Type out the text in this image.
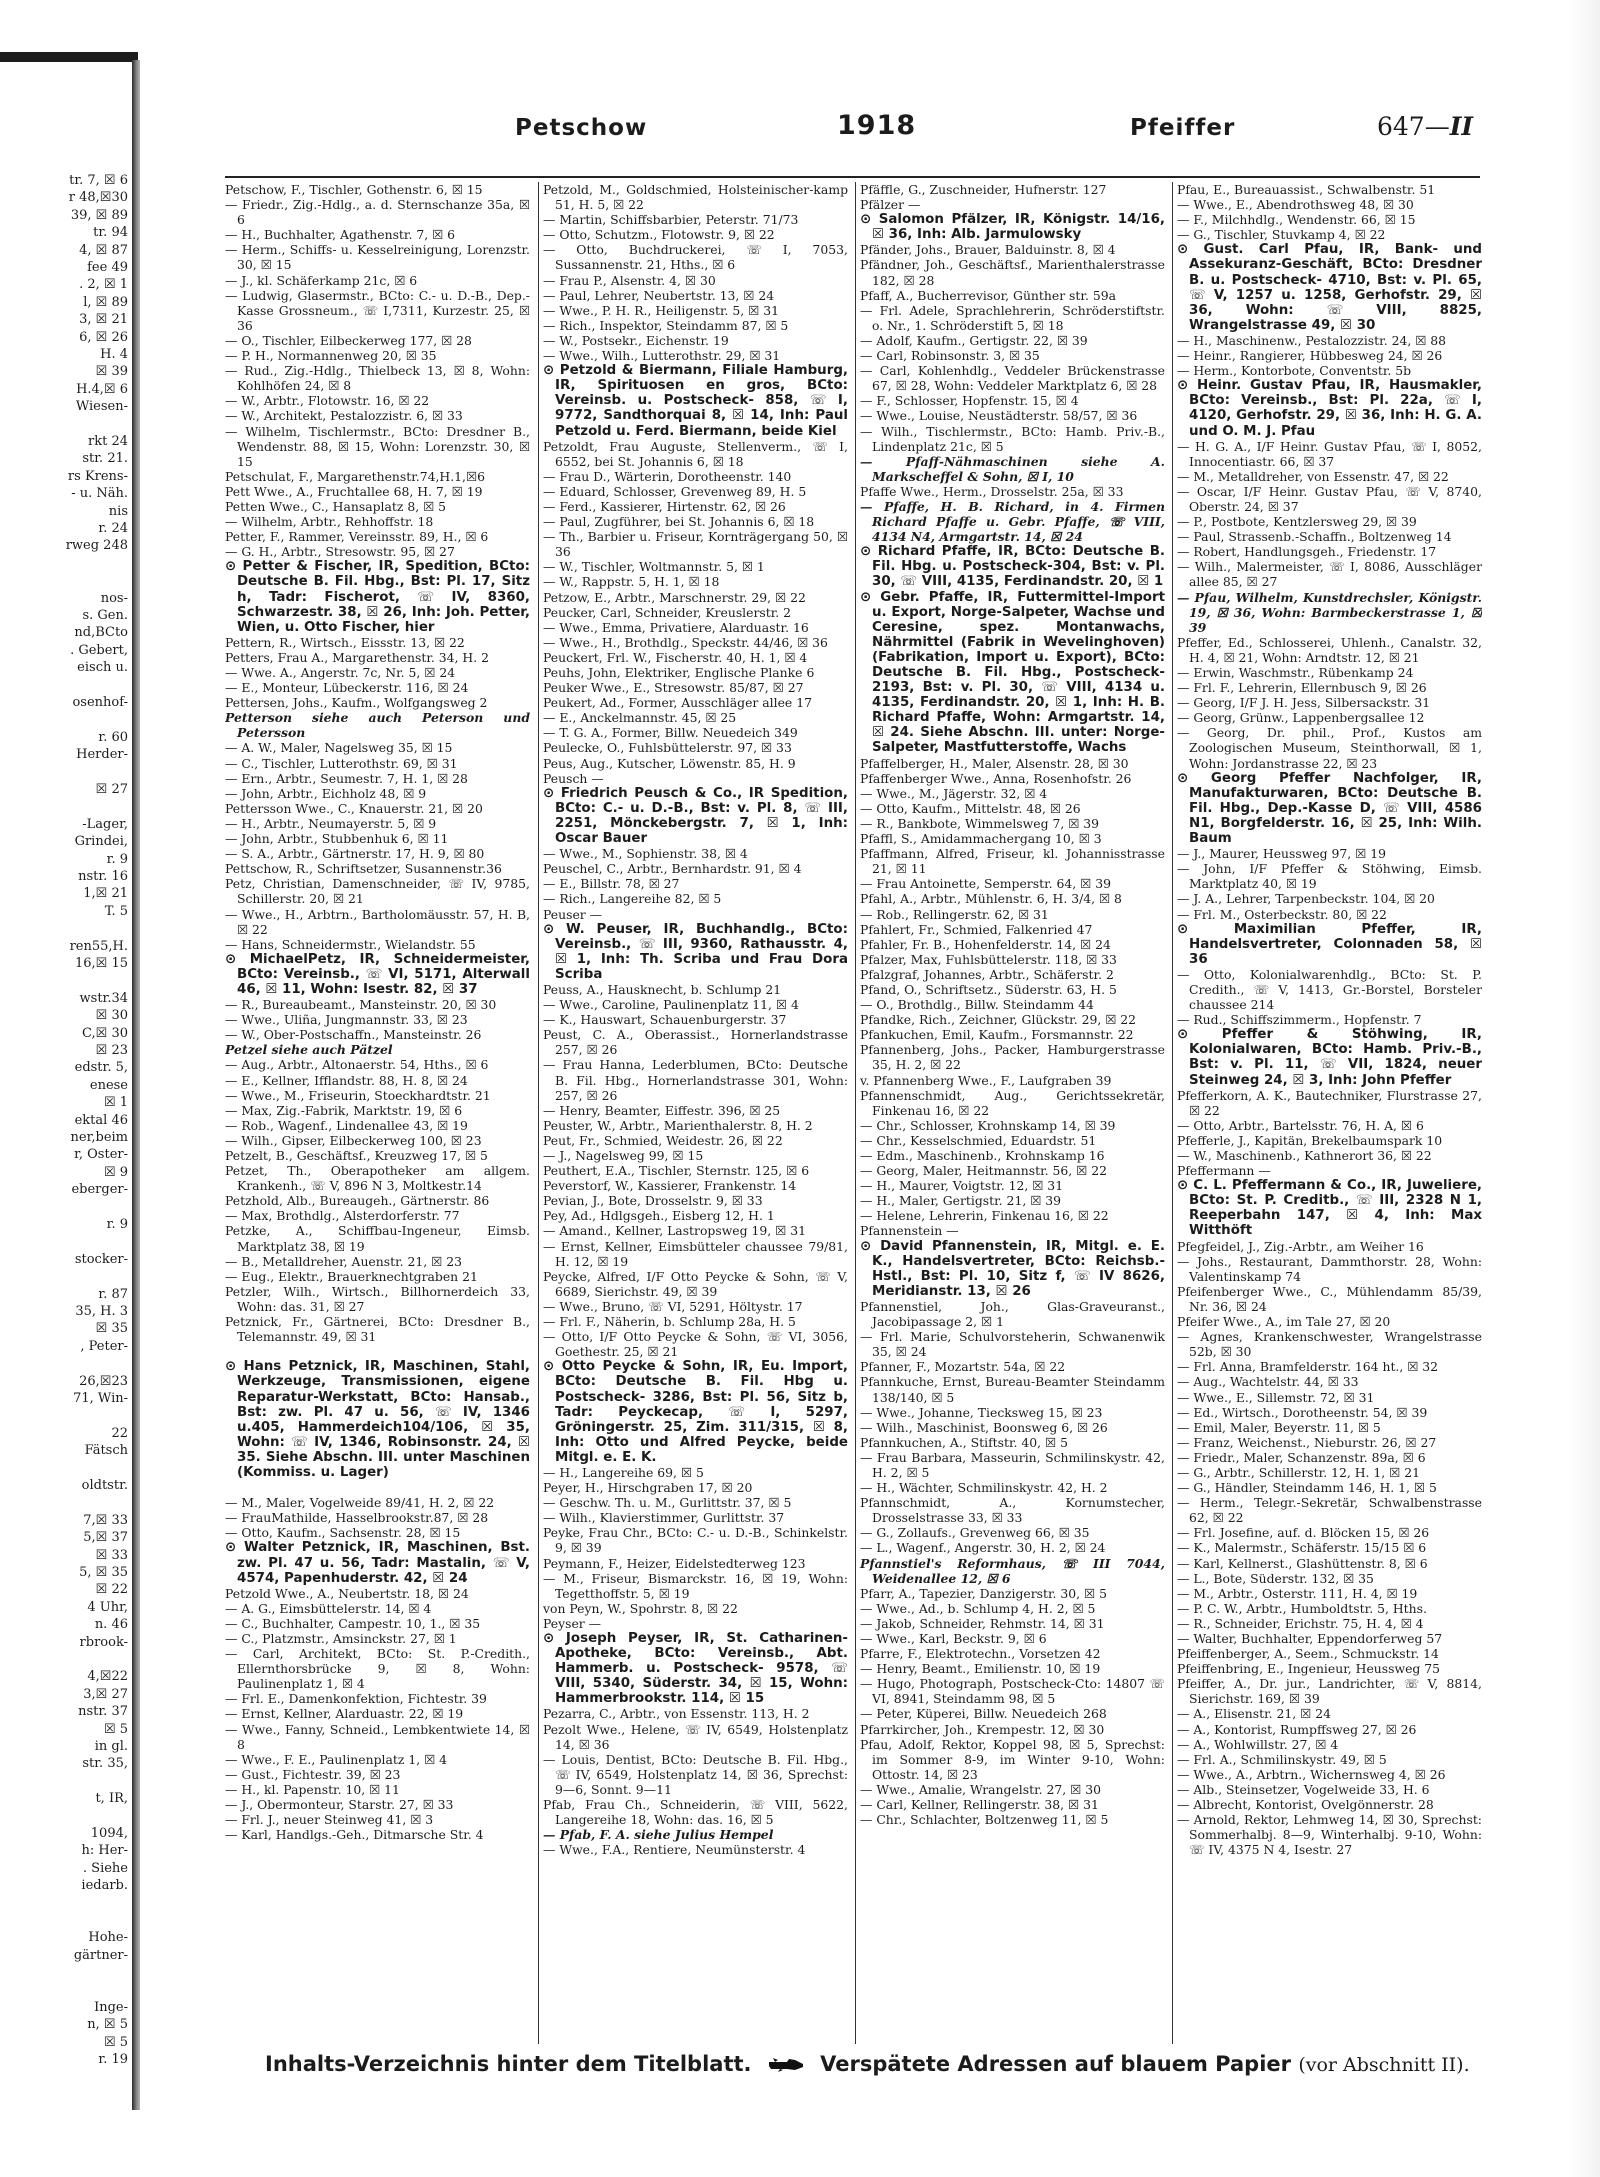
tr. 7, ☒ 6
r 48,☒30
39, ☒ 89
tr. 94
4, ☒ 87
fee 49
. 2, ☒ 1
l, ☒ 89
3, ☒ 21
6, ☒ 26
H. 4
☒ 39
H.4,☒ 6
Wiesen-
rkt 24
str. 21.
rs Krens-
- u. Näh.
nis
r. 24
rweg 248
nos-
s. Gen.
nd,BCto
. Gebert,
eisch u.
osenhof-
r. 60
Herder-
☒ 27
-Lager,
Grindei,
r. 9
nstr. 16
1,☒ 21
T. 5
ren55,H.
16,☒ 15
wstr.34
☒ 30
C,☒ 30
☒ 23
edstr. 5,
enese
☒ 1
ektal 46
ner,beim
r, Oster-
☒ 9
eberger-
r. 9
stocker-
r. 87
35, H. 3
☒ 35
, Peter-
26,☒23
71, Win-
22
Fätsch
oldtstr.
7,☒ 33
5,☒ 37
☒ 33
5, ☒ 35
☒ 22
4 Uhr,
n. 46
rbrook-
4,☒22
3,☒ 27
nstr. 37
☒ 5
in gl.
str. 35,
t, IR,
1094,
h: Her-
. Siehe
iedarb.
Hohe-
gärtner-
Inge-
n, ☒ 5
☒ 5
r. 19
Petschow	1918	Pfeiffer	647—II

Petschow, F., Tischler, Gothenstr. 6, ☒ 15

— Friedr., Zig.-Hdlg., a. d. Sternschanze 35a, ☒ 6

— H., Buchhalter, Agathenstr. 7, ☒ 6

— Herm., Schiffs- u. Kesselreinigung, Lorenzstr. 30, ☒ 15

— J., kl. Schäferkamp 21c, ☒ 6

— Ludwig, Glasermstr., BCto: C.- u. D.-B., Dep.-Kasse Grossneum., ☏ I,7311, Kurzestr. 25, ☒ 36

— O., Tischler, Eilbeckerweg 177, ☒ 28

— P. H., Normannenweg 20, ☒ 35

— Rud., Zig.-Hdlg., Thielbeck 13, ☒ 8, Wohn: Kohlhöfen 24, ☒ 8

— W., Arbtr., Flotowstr. 16, ☒ 22

— W., Architekt, Pestalozzistr. 6, ☒ 33

— Wilhelm, Tischlermstr., BCto: Dresdner B., Wendenstr. 88, ☒ 15, Wohn: Lorenzstr. 30, ☒ 15

Petschulat, F., Margarethenstr.74,H.1,☒6

Pett Wwe., A., Fruchtallee 68, H. 7, ☒ 19

Petten Wwe., C., Hansaplatz 8, ☒ 5

— Wilhelm, Arbtr., Rehhoffstr. 18

Petter, F., Rammer, Vereinsstr. 89, H., ☒ 6

— G. H., Arbtr., Stresowstr. 95, ☒ 27

⊙ Petter & Fischer, IR, Spedition, BCto: Deutsche B. Fil. Hbg., Bst: Pl. 17, Sitz h, Tadr: Fischerot, ☏ IV, 8360, Schwarzestr. 38, ☒ 26, Inh: Joh. Petter, Wien, u. Otto Fischer, hier

Pettern, R., Wirtsch., Eissstr. 13, ☒ 22

Petters, Frau A., Margarethenstr. 34, H. 2

— Wwe. A., Angerstr. 7c, Nr. 5, ☒ 24

— E., Monteur, Lübeckerstr. 116, ☒ 24

Pettersen, Johs., Kaufm., Wolfgangsweg 2

Petterson siehe auch Peterson und Petersson

— A. W., Maler, Nagelsweg 35, ☒ 15

— C., Tischler, Lutterothstr. 69, ☒ 31

— Ern., Arbtr., Seumestr. 7, H. 1, ☒ 28

— John, Arbtr., Eichholz 48, ☒ 9

Pettersson Wwe., C., Knauerstr. 21, ☒ 20

— H., Arbtr., Neumayerstr. 5, ☒ 9

— John, Arbtr., Stubbenhuk 6, ☒ 11

— S. A., Arbtr., Gärtnerstr. 17, H. 9, ☒ 80

Pettschow, R., Schriftsetzer, Susannenstr.36

Petz, Christian, Damenschneider, ☏ IV, 9785, Schillerstr. 20, ☒ 21

— Wwe., H., Arbtrn., Bartholomäusstr. 57, H. B, ☒ 22

— Hans, Schneidermstr., Wielandstr. 55

⊙ MichaelPetz, IR, Schneidermeister, BCto: Vereinsb., ☏ VI, 5171, Alterwall 46, ☒ 11, Wohn: Isestr. 82, ☒ 37

— R., Bureaubeamt., Mansteinstr. 20, ☒ 30

— Wwe., Uliña, Jungmannstr. 33, ☒ 23

— W., Ober-Postschaffn., Mansteinstr. 26

Petzel siehe auch Pätzel

— Aug., Arbtr., Altonaerstr. 54, Hths., ☒ 6

— E., Kellner, Ifflandstr. 88, H. 8, ☒ 24

— Wwe., M., Friseurin, Stoeckhardtstr. 21

— Max, Zig.-Fabrik, Marktstr. 19, ☒ 6

— Rob., Wagenf., Lindenallee 43, ☒ 19

— Wilh., Gipser, Eilbeckerweg 100, ☒ 23

Petzelt, B., Geschäftsf., Kreuzweg 17, ☒ 5

Petzet, Th., Oberapotheker am allgem. Krankenh., ☏ V, 896 N 3, Moltkestr.14

Petzhold, Alb., Bureaugeh., Gärtnerstr. 86

— Max, Brothdlg., Alsterdorferstr. 77

Petzke, A., Schiffbau-Ingeneur, Eimsb. Marktplatz 38, ☒ 19

— B., Metalldreher, Auenstr. 21, ☒ 23

— Eug., Elektr., Brauerknechtgraben 21

Petzler, Wilh., Wirtsch., Billhornerdeich 33, Wohn: das. 31, ☒ 27

Petznick, Fr., Gärtnerei, BCto: Dresdner B., Telemannstr. 49, ☒ 31

⊙ Hans Petznick, IR, Maschinen, Stahl, Werkzeuge, Transmissionen, eigene Reparatur-Werkstatt, BCto: Hansab., Bst: zw. Pl. 47 u. 56, ☏ IV, 1346 u.405, Hammerdeich104/106, ☒ 35, Wohn: ☏ IV, 1346, Robinsonstr. 24, ☒ 35. Siehe Abschn. III. unter Maschinen (Kommiss. u. Lager)

— M., Maler, Vogelweide 89/41, H. 2, ☒ 22

— FrauMathilde, Hasselbrookstr.87, ☒ 28

— Otto, Kaufm., Sachsenstr. 28, ☒ 15

⊙ Walter Petznick, IR, Maschinen, Bst. zw. Pl. 47 u. 56, Tadr: Mastalin, ☏ V, 4574, Papenhuderstr. 42, ☒ 24

Petzold Wwe., A., Neubertstr. 18, ☒ 24

— A. G., Eimsbüttelerstr. 14, ☒ 4

— C., Buchhalter, Campestr. 10, 1., ☒ 35

— C., Platzmstr., Amsinckstr. 27, ☒ 1

— Carl, Architekt, BCto: St. P.-Credith., Ellernthorsbrücke 9, ☒ 8, Wohn: Paulinenplatz 1, ☒ 4

— Frl. E., Damenkonfektion, Fichtestr. 39

— Ernst, Kellner, Alarduastr. 22, ☒ 19

— Wwe., Fanny, Schneid., Lembkentwiete 14, ☒ 8

— Wwe., F. E., Paulinenplatz 1, ☒ 4

— Gust., Fichtestr. 39, ☒ 23

— H., kl. Papenstr. 10, ☒ 11

— J., Obermonteur, Starstr. 27, ☒ 33

— Frl. J., neuer Steinweg 41, ☒ 3

— Karl, Handlgs.-Geh., Ditmarsche Str. 4

Petzold, M., Goldschmied, Holsteinischer-kamp 51, H. 5, ☒ 22

— Martin, Schiffsbarbier, Peterstr. 71/73

— Otto, Schutzm., Flotowstr. 9, ☒ 22

— Otto, Buchdruckerei, ☏ I, 7053, Sussannenstr. 21, Hths., ☒ 6

— Frau P., Alsenstr. 4, ☒ 30

— Paul, Lehrer, Neubertstr. 13, ☒ 24

— Wwe., P. H. R., Heiligenstr. 5, ☒ 31

— Rich., Inspektor, Steindamm 87, ☒ 5

— W., Postsekr., Eichenstr. 19

— Wwe., Wilh., Lutterothstr. 29, ☒ 31

⊙ Petzold & Biermann, Filiale Hamburg, IR, Spirituosen en gros, BCto: Vereinsb. u. Postscheck- 858, ☏ I, 9772, Sandthorquai 8, ☒ 14, Inh: Paul Petzold u. Ferd. Biermann, beide Kiel

Petzoldt, Frau Auguste, Stellenverm., ☏ I, 6552, bei St. Johannis 6, ☒ 18

— Frau D., Wärterin, Dorotheenstr. 140

— Eduard, Schlosser, Grevenweg 89, H. 5

— Ferd., Kassierer, Hirtenstr. 62, ☒ 26

— Paul, Zugführer, bei St. Johannis 6, ☒ 18

— Th., Barbier u. Friseur, Kornträgergang 50, ☒ 36

— W., Tischler, Woltmannstr. 5, ☒ 1

— W., Rappstr. 5, H. 1, ☒ 18

Petzow, E., Arbtr., Marschnerstr. 29, ☒ 22

Peucker, Carl, Schneider, Kreuslerstr. 2

— Wwe., Emma, Privatiere, Alarduastr. 16

— Wwe., H., Brothdlg., Speckstr. 44/46, ☒ 36

Peuckert, Frl. W., Fischerstr. 40, H. 1, ☒ 4

Peuhs, John, Elektriker, Englische Planke 6

Peuker Wwe., E., Stresowstr. 85/87, ☒ 27

Peukert, Ad., Former, Ausschläger allee 17

— E., Anckelmannstr. 45, ☒ 25

— T. G. A., Former, Billw. Neuedeich 349

Peulecke, O., Fuhlsbüttelerstr. 97, ☒ 33

Peus, Aug., Kutscher, Löwenstr. 85, H. 9

Peusch —

⊙ Friedrich Peusch & Co., IR Spedition, BCto: C.- u. D.-B., Bst: v. Pl. 8, ☏ III, 2251, Mönckebergstr. 7, ☒ 1, Inh: Oscar Bauer

— Wwe., M., Sophienstr. 38, ☒ 4

Peuschel, C., Arbtr., Bernhardstr. 91, ☒ 4

— E., Billstr. 78, ☒ 27

— Rich., Langereihe 82, ☒ 5

Peuser —

⊙ W. Peuser, IR, Buchhandlg., BCto: Vereinsb., ☏ III, 9360, Rathausstr. 4, ☒ 1, Inh: Th. Scriba und Frau Dora Scriba

Peuss, A., Hausknecht, b. Schlump 21

— Wwe., Caroline, Paulinenplatz 11, ☒ 4

— K., Hauswart, Schauenburgerstr. 37

Peust, C. A., Oberassist., Hornerlandstrasse 257, ☒ 26

— Frau Hanna, Lederblumen, BCto: Deutsche B. Fil. Hbg., Hornerlandstrasse 301, Wohn: 257, ☒ 26

— Henry, Beamter, Eiffestr. 396, ☒ 25

Peuster, W., Arbtr., Marienthalerstr. 8, H. 2

Peut, Fr., Schmied, Weidestr. 26, ☒ 22

— J., Nagelsweg 99, ☒ 15

Peuthert, E.A., Tischler, Sternstr. 125, ☒ 6

Peverstorf, W., Kassierer, Frankenstr. 14

Pevian, J., Bote, Drosselstr. 9, ☒ 33

Pey, Ad., Hdlgsgeh., Eisberg 12, H. 1

— Amand., Kellner, Lastropsweg 19, ☒ 31

— Ernst, Kellner, Eimsbütteler chaussee 79/81, H. 12, ☒ 19

Peycke, Alfred, I/F Otto Peycke & Sohn, ☏ V, 6689, Sierichstr. 49, ☒ 39

— Wwe., Bruno, ☏ VI, 5291, Höltystr. 17

— Frl. F., Näherin, b. Schlump 28a, H. 5

— Otto, I/F Otto Peycke & Sohn, ☏ VI, 3056, Goethestr. 25, ☒ 21

⊙ Otto Peycke & Sohn, IR, Eu. Import, BCto: Deutsche B. Fil. Hbg u. Postscheck- 3286, Bst: Pl. 56, Sitz b, Tadr: Peyckecap, ☏ I, 5297, Gröningerstr. 25, Zim. 311/315, ☒ 8, Inh: Otto und Alfred Peycke, beide Mitgl. e. E. K.

— H., Langereihe 69, ☒ 5

Peyer, H., Hirschgraben 17, ☒ 20

— Geschw. Th. u. M., Gurlittstr. 37, ☒ 5

— Wilh., Klavierstimmer, Gurlittstr. 37

Peyke, Frau Chr., BCto: C.- u. D.-B., Schinkelstr. 9, ☒ 39

Peymann, F., Heizer, Eidelstedterweg 123

— M., Friseur, Bismarckstr. 16, ☒ 19, Wohn: Tegetthoffstr. 5, ☒ 19

von Peyn, W., Spohrstr. 8, ☒ 22

Peyser —

⊙ Joseph Peyser, IR, St. Catharinen-Apotheke, BCto: Vereinsb., Abt. Hammerb. u. Postscheck- 9578, ☏ VIII, 5340, Süderstr. 34, ☒ 15, Wohn: Hammerbrookstr. 114, ☒ 15

Pezarra, C., Arbtr., von Essenstr. 113, H. 2

Pezolt Wwe., Helene, ☏ IV, 6549, Holstenplatz 14, ☒ 36

— Louis, Dentist, BCto: Deutsche B. Fil. Hbg., ☏ IV, 6549, Holstenplatz 14, ☒ 36, Sprechst: 9—6, Sonnt. 9—11

Pfab, Frau Ch., Schneiderin, ☏ VIII, 5622, Langereihe 18, Wohn: das. 16, ☒ 5

— Pfab, F. A. siehe Julius Hempel

— Wwe., F.A., Rentiere, Neumünsterstr. 4

Pfäffle, G., Zuschneider, Hufnerstr. 127

Pfälzer —

⊙ Salomon Pfälzer, IR, Königstr. 14/16, ☒ 36, Inh: Alb. Jarmulowsky

Pfänder, Johs., Brauer, Balduinstr. 8, ☒ 4

Pfändner, Joh., Geschäftsf., Marienthalerstrasse 182, ☒ 28

Pfaff, A., Bucherrevisor, Günther str. 59a

— Frl. Adele, Sprachlehrerin, Schröderstiftstr. o. Nr., 1. Schröderstift 5, ☒ 18

— Adolf, Kaufm., Gertigstr. 22, ☒ 39

— Carl, Robinsonstr. 3, ☒ 35

— Carl, Kohlenhdlg., Veddeler Brückenstrasse 67, ☒ 28, Wohn: Veddeler Marktplatz 6, ☒ 28

— F., Schlosser, Hopfenstr. 15, ☒ 4

— Wwe., Louise, Neustädterstr. 58/57, ☒ 36

— Wilh., Tischlermstr., BCto: Hamb. Priv.-B., Lindenplatz 21c, ☒ 5

— Pfaff-Nähmaschinen siehe A. Markscheffel & Sohn, ☒ I, 10

Pfaffe Wwe., Herm., Drosselstr. 25a, ☒ 33

— Pfaffe, H. B. Richard, in 4. Firmen Richard Pfaffe u. Gebr. Pfaffe, ☏ VIII, 4134 N4, Armgartstr. 14, ☒ 24

⊙ Richard Pfaffe, IR, BCto: Deutsche B. Fil. Hbg. u. Postscheck-304, Bst: v. Pl. 30, ☏ VIII, 4135, Ferdinandstr. 20, ☒ 1

⊙ Gebr. Pfaffe, IR, Futtermittel-Import u. Export, Norge-Salpeter, Wachse und Ceresine, spez. Montanwachs, Nährmittel (Fabrik in Wevelinghoven) (Fabrikation, Import u. Export), BCto: Deutsche B. Fil. Hbg., Postscheck-2193, Bst: v. Pl. 30, ☏ VIII, 4134 u. 4135, Ferdinandstr. 20, ☒ 1, Inh: H. B. Richard Pfaffe, Wohn: Armgartstr. 14, ☒ 24. Siehe Abschn. III. unter: Norge-Salpeter, Mastfutterstoffe, Wachs

Pfaffelberger, H., Maler, Alsenstr. 28, ☒ 30

Pfaffenberger Wwe., Anna, Rosenhofstr. 26

— Wwe., M., Jägerstr. 32, ☒ 4

— Otto, Kaufm., Mittelstr. 48, ☒ 26

— R., Bankbote, Wimmelsweg 7, ☒ 39

Pfaffl, S., Amidammachergang 10, ☒ 3

Pfaffmann, Alfred, Friseur, kl. Johannisstrasse 21, ☒ 11

— Frau Antoinette, Semperstr. 64, ☒ 39

Pfahl, A., Arbtr., Mühlenstr. 6, H. 3/4, ☒ 8

— Rob., Rellingerstr. 62, ☒ 31

Pfahlert, Fr., Schmied, Falkenried 47

Pfahler, Fr. B., Hohenfelderstr. 14, ☒ 24

Pfalzer, Max, Fuhlsbüttelerstr. 118, ☒ 33

Pfalzgraf, Johannes, Arbtr., Schäferstr. 2

Pfand, O., Schriftsetz., Süderstr. 63, H. 5

— O., Brothdlg., Billw. Steindamm 44

Pfandke, Rich., Zeichner, Glückstr. 29, ☒ 22

Pfankuchen, Emil, Kaufm., Forsmannstr. 22

Pfannenberg, Johs., Packer, Hamburgerstrasse 35, H. 2, ☒ 22

v. Pfannenberg Wwe., F., Laufgraben 39

Pfannenschmidt, Aug., Gerichtssekretär, Finkenau 16, ☒ 22

— Chr., Schlosser, Krohnskamp 14, ☒ 39

— Chr., Kesselschmied, Eduardstr. 51

— Edm., Maschinenb., Krohnskamp 16

— Georg, Maler, Heitmannstr. 56, ☒ 22

— H., Maurer, Voigtstr. 12, ☒ 31

— H., Maler, Gertigstr. 21, ☒ 39

— Helene, Lehrerin, Finkenau 16, ☒ 22

Pfannenstein —

⊙ David Pfannenstein, IR, Mitgl. e. E. K., Handelsvertreter, BCto: Reichsb.-Hstl., Bst: Pl. 10, Sitz f, ☏ IV 8626, Meridianstr. 13, ☒ 26

Pfannenstiel, Joh., Glas-Graveuranst., Jacobipassage 2, ☒ 1

— Frl. Marie, Schulvorsteherin, Schwanenwik 35, ☒ 24

Pfanner, F., Mozartstr. 54a, ☒ 22

Pfannkuche, Ernst, Bureau-Beamter Steindamm 138/140, ☒ 5

— Wwe., Johanne, Tiecksweg 15, ☒ 23

— Wilh., Maschinist, Boonsweg 6, ☒ 26

Pfannkuchen, A., Stiftstr. 40, ☒ 5

— Frau Barbara, Masseurin, Schmilinskystr. 42, H. 2, ☒ 5

— H., Wächter, Schmilinskystr. 42, H. 2

Pfannschmidt, A., Kornumstecher, Drosselstrasse 33, ☒ 33

— G., Zollaufs., Grevenweg 66, ☒ 35

— L., Wagenf., Angerstr. 30, H. 2, ☒ 24

Pfannstiel's Reformhaus, ☏ III 7044, Weidenallee 12, ☒ 6

Pfarr, A., Tapezier, Danzigerstr. 30, ☒ 5

— Wwe., Ad., b. Schlump 4, H. 2, ☒ 5

— Jakob, Schneider, Rehmstr. 14, ☒ 31

— Wwe., Karl, Beckstr. 9, ☒ 6

Pfarre, F., Elektrotechn., Vorsetzen 42

— Henry, Beamt., Emilienstr. 10, ☒ 19

— Hugo, Photograph, Postscheck-Cto: 14807 ☏ VI, 8941, Steindamm 98, ☒ 5

— Peter, Küperei, Billw. Neuedeich 268

Pfarrkircher, Joh., Krempestr. 12, ☒ 30

Pfau, Adolf, Rektor, Koppel 98, ☒ 5, Sprechst: im Sommer 8-9, im Winter 9-10, Wohn: Ottostr. 14, ☒ 23

— Wwe., Amalie, Wrangelstr. 27, ☒ 30

— Carl, Kellner, Rellingerstr. 38, ☒ 31

— Chr., Schlachter, Boltzenweg 11, ☒ 5

Pfau, E., Bureauassist., Schwalbenstr. 51

— Wwe., E., Abendrothsweg 48, ☒ 30

— F., Milchhdlg., Wendenstr. 66, ☒ 15

— G., Tischler, Stuvkamp 4, ☒ 22

⊙ Gust. Carl Pfau, IR, Bank- und Assekuranz-Geschäft, BCto: Dresdner B. u. Postscheck- 4710, Bst: v. Pl. 65, ☏ V, 1257 u. 1258, Gerhofstr. 29, ☒ 36, Wohn: ☏ VIII, 8825, Wrangelstrasse 49, ☒ 30

— H., Maschinenw., Pestalozzistr. 24, ☒ 88

— Heinr., Rangierer, Hübbesweg 24, ☒ 26

— Herm., Kontorbote, Conventstr. 5b

⊙ Heinr. Gustav Pfau, IR, Hausmakler, BCto: Vereinsb., Bst: Pl. 22a, ☏ I, 4120, Gerhofstr. 29, ☒ 36, Inh: H. G. A. und O. M. J. Pfau

— H. G. A., I/F Heinr. Gustav Pfau, ☏ I, 8052, Innocentiastr. 66, ☒ 37

— M., Metalldreher, von Essenstr. 47, ☒ 22

— Oscar, I/F Heinr. Gustav Pfau, ☏ V, 8740, Oberstr. 24, ☒ 37

— P., Postbote, Kentzlersweg 29, ☒ 39

— Paul, Strassenb.-Schaffn., Boltzenweg 14

— Robert, Handlungsgeh., Friedenstr. 17

— Wilh., Malermeister, ☏ I, 8086, Ausschläger allee 85, ☒ 27

— Pfau, Wilhelm, Kunstdrechsler, Königstr. 19, ☒ 36, Wohn: Barmbeckerstrasse 1, ☒ 39

Pfeffer, Ed., Schlosserei, Uhlenh., Canalstr. 32, H. 4, ☒ 21, Wohn: Arndtstr. 12, ☒ 21

— Erwin, Waschmstr., Rübenkamp 24

— Frl. F., Lehrerin, Ellernbusch 9, ☒ 26

— Georg, I/F J. H. Jess, Silbersackstr. 31

— Georg, Grünw., Lappenbergsallee 12

— Georg, Dr. phil., Prof., Kustos am Zoologischen Museum, Steinthorwall, ☒ 1, Wohn: Jordanstrasse 22, ☒ 23

⊙ Georg Pfeffer Nachfolger, IR, Manufakturwaren, BCto: Deutsche B. Fil. Hbg., Dep.-Kasse D, ☏ VIII, 4586 N1, Borgfelderstr. 16, ☒ 25, Inh: Wilh. Baum

— J., Maurer, Heussweg 97, ☒ 19

— John, I/F Pfeffer & Stöhwing, Eimsb. Marktplatz 40, ☒ 19

— J. A., Lehrer, Tarpenbeckstr. 104, ☒ 20

— Frl. M., Osterbeckstr. 80, ☒ 22

⊙ Maximilian Pfeffer, IR, Handelsvertreter, Colonnaden 58, ☒ 36

— Otto, Kolonialwarenhdlg., BCto: St. P. Credith., ☏ V, 1413, Gr.-Borstel, Borsteler chaussee 214

— Rud., Schiffszimmerm., Hopfenstr. 7

⊙ Pfeffer & Stöhwing, IR, Kolonialwaren, BCto: Hamb. Priv.-B., Bst: v. Pl. 11, ☏ VII, 1824, neuer Steinweg 24, ☒ 3, Inh: John Pfeffer

Pfefferkorn, A. K., Bautechniker, Flurstrasse 27, ☒ 22

— Otto, Arbtr., Bartelsstr. 76, H. A, ☒ 6

Pfefferle, J., Kapitän, Brekelbaumspark 10

— W., Maschinenb., Kathnerort 36, ☒ 22

Pfeffermann —

⊙ C. L. Pfeffermann & Co., IR, Juweliere, BCto: St. P. Creditb., ☏ III, 2328 N 1, Reeperbahn 147, ☒ 4, Inh: Max Witthöft

Pfegfeidel, J., Zig.-Arbtr., am Weiher 16

— Johs., Restaurant, Dammthorstr. 28, Wohn: Valentinskamp 74

Pfeifenberger Wwe., C., Mühlendamm 85/39, Nr. 36, ☒ 24

Pfeifer Wwe., A., im Tale 27, ☒ 20

— Agnes, Krankenschwester, Wrangelstrasse 52b, ☒ 30

— Frl. Anna, Bramfelderstr. 164 ht., ☒ 32

— Aug., Wachtelstr. 44, ☒ 33

— Wwe., E., Sillemstr. 72, ☒ 31

— Ed., Wirtsch., Dorotheenstr. 54, ☒ 39

— Emil, Maler, Beyerstr. 11, ☒ 5

— Franz, Weichenst., Nieburstr. 26, ☒ 27

— Friedr., Maler, Schanzenstr. 89a, ☒ 6

— G., Arbtr., Schillerstr. 12, H. 1, ☒ 21

— G., Händler, Steindamm 146, H. 1, ☒ 5

— Herm., Telegr.-Sekretär, Schwalbenstrasse 62, ☒ 22

— Frl. Josefine, auf. d. Blöcken 15, ☒ 26

— K., Malermstr., Schäferstr. 15/15 ☒ 6

— Karl, Kellnerst., Glashüttenstr. 8, ☒ 6

— L., Bote, Süderstr. 132, ☒ 35

— M., Arbtr., Osterstr. 111, H. 4, ☒ 19

— P. C. W., Arbtr., Humboldtstr. 5, Hths.

— R., Schneider, Erichstr. 75, H. 4, ☒ 4

— Walter, Buchhalter, Eppendorferweg 57

Pfeiffenberger, A., Seem., Schmuckstr. 14

Pfeiffenbring, E., Ingenieur, Heussweg 75

Pfeiffer, A., Dr. jur., Landrichter, ☏ V, 8814, Sierichstr. 169, ☒ 39

— A., Elisenstr. 21, ☒ 24

— A., Kontorist, Rumpffsweg 27, ☒ 26

— A., Wohlwillstr. 27, ☒ 4

— Frl. A., Schmilinskystr. 49, ☒ 5

— Wwe., A., Arbtrn., Wichernsweg 4, ☒ 26

— Alb., Steinsetzer, Vogelweide 33, H. 6

— Albrecht, Kontorist, Ovelgönnerstr. 28

— Arnold, Rektor, Lehmweg 14, ☒ 30, Sprechst: Sommerhalbj. 8—9, Winterhalbj. 9-10, Wohn: ☏ IV, 4375 N 4, Isestr. 27

Inhalts-Verzeichnis hinter dem Titelblatt.	Verspätete Adressen auf blauem Papier (vor Abschnitt II).
